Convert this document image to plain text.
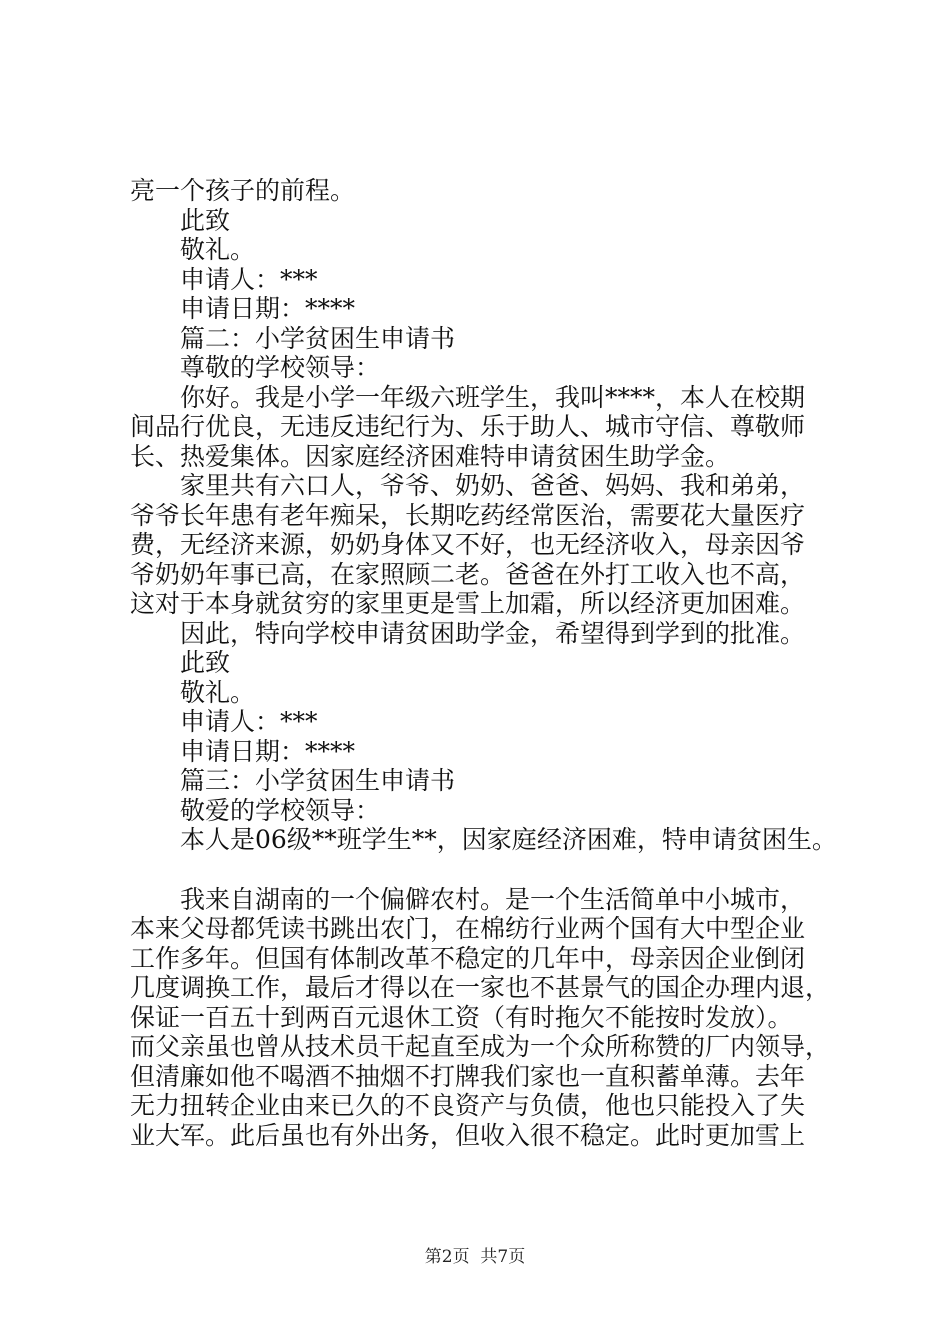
亮一个孩子的前程。
此致
敬礼。
申请人：***
申请日期：****
篇二：小学贫困生申请书
尊敬的学校领导：
你好。我是小学一年级六班学生，我叫****，本人在校期
间品行优良，无违反违纪行为、乐于助人、城市守信、尊敬师
长、热爱集体。因家庭经济困难特申请贫困生助学金。
家里共有六口人，爷爷、奶奶、爸爸、妈妈、我和弟弟，
爷爷长年患有老年痴呆，长期吃药经常医治，需要花大量医疗
费，无经济来源，奶奶身体又不好，也无经济收入，母亲因爷
爷奶奶年事已高，在家照顾二老。爸爸在外打工收入也不高，
这对于本身就贫穷的家里更是雪上加霜，所以经济更加困难。
因此，特向学校申请贫困助学金，希望得到学到的批准。
此致
敬礼。
申请人：***
申请日期：****
篇三：小学贫困生申请书
敬爱的学校领导：
本人是06级**班学生**，因家庭经济困难，特申请贫困生。
我来自湖南的一个偏僻农村。是一个生活简单中小城市，
本来父母都凭读书跳出农门，在棉纺行业两个国有大中型企业
工作多年。但国有体制改革不稳定的几年中，母亲因企业倒闭
几度调换工作，最后才得以在一家也不甚景气的国企办理内退，
保证一百五十到两百元退休工资（有时拖欠不能按时发放）。
而父亲虽也曾从技术员干起直至成为一个众所称赞的厂内领导，
但清廉如他不喝酒不抽烟不打牌我们家也一直积蓄单薄。去年
无力扭转企业由来已久的不良资产与负债，他也只能投入了失
业大军。此后虽也有外出务，但收入很不稳定。此时更加雪上
第2页  共7页
